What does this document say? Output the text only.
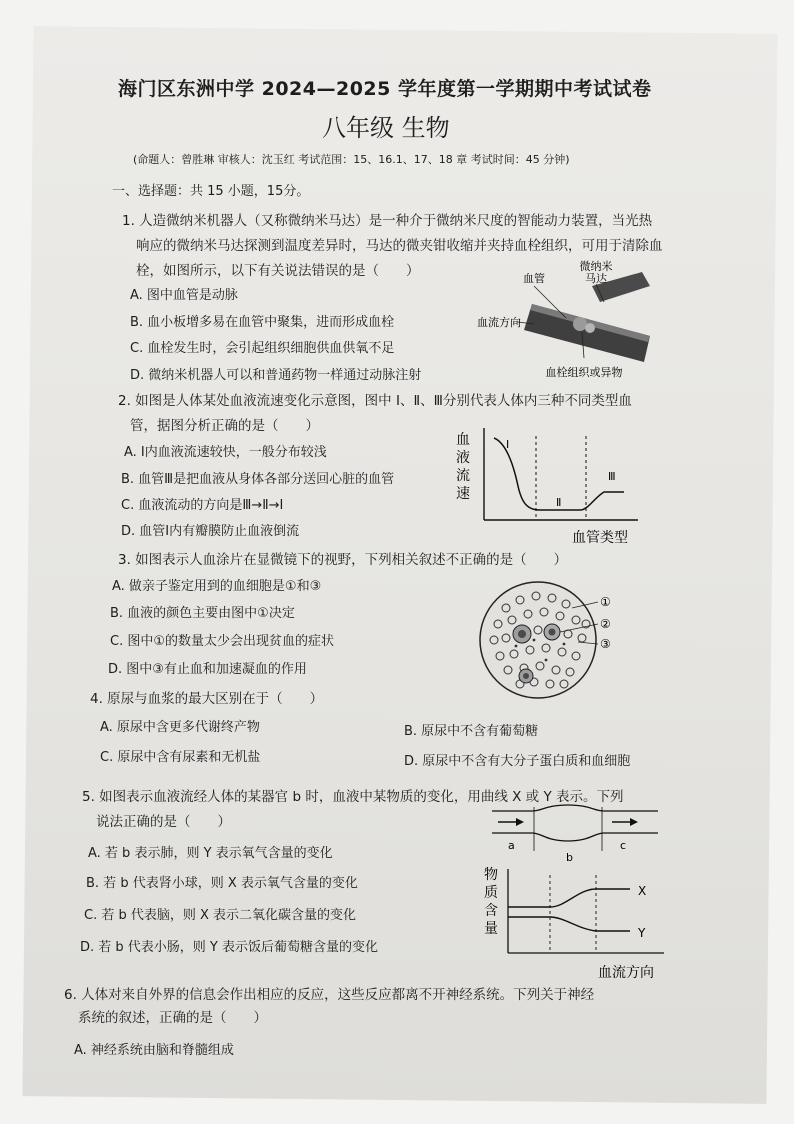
海门区东洲中学 2024—2025 学年度第一学期期中考试试卷
八年级 生物
(命题人：曾胜琳 审核人：沈玉红 考试范围：15、16.1、17、18 章 考试时间：45 分钟)
一、选择题：共 15 小题，15分。
1. 人造微纳米机器人（又称微纳米马达）是一种介于微纳米尺度的智能动力装置，当光热
响应的微纳米马达探测到温度差异时，马达的微夹钳收缩并夹持血栓组织，可用于清除血
栓，如图所示，以下有关说法错误的是（　　）
A. 图中血管是动脉
B. 血小板增多易在血管中聚集，进而形成血栓
C. 血栓发生时，会引起组织细胞供血供氧不足
D. 微纳米机器人可以和普通药物一样通过动脉注射
血管
微纳米
马达
血流方向
血栓组织或异物
2. 如图是人体某处血液流速变化示意图，图中 Ⅰ、Ⅱ、Ⅲ分别代表人体内三种不同类型血
管，据图分析正确的是（　　）
A. Ⅰ内血液流速较快，一般分布较浅
B. 血管Ⅲ是把血液从身体各部分送回心脏的血管
C. 血液流动的方向是Ⅲ→Ⅱ→Ⅰ
D. 血管Ⅰ内有瓣膜防止血液倒流
血
液
流
速
Ⅰ
Ⅱ
Ⅲ
血管类型
3. 如图表示人血涂片在显微镜下的视野，下列相关叙述不正确的是（　　）
A. 做亲子鉴定用到的血细胞是①和③
B. 血液的颜色主要由图中①决定
C. 图中①的数量太少会出现贫血的症状
D. 图中③有止血和加速凝血的作用
①
②
③
4. 原尿与血浆的最大区别在于（　　）
A. 原尿中含更多代谢终产物	B. 原尿中不含有葡萄糖
C. 原尿中含有尿素和无机盐	D. 原尿中不含有大分子蛋白质和血细胞
5. 如图表示血液流经人体的某器官 b 时，血液中某物质的变化，用曲线 X 或 Y 表示。下列
说法正确的是（　　）
A. 若 b 表示肺，则 Y 表示氧气含量的变化
B. 若 b 代表肾小球，则 X 表示氧气含量的变化
C. 若 b 代表脑，则 X 表示二氧化碳含量的变化
D. 若 b 代表小肠，则 Y 表示饭后葡萄糖含量的变化
a
b
c
X
Y
物
质
含
量
血流方向
6. 人体对来自外界的信息会作出相应的反应，这些反应都离不开神经系统。下列关于神经
系统的叙述，正确的是（　　）
A. 神经系统由脑和脊髓组成
